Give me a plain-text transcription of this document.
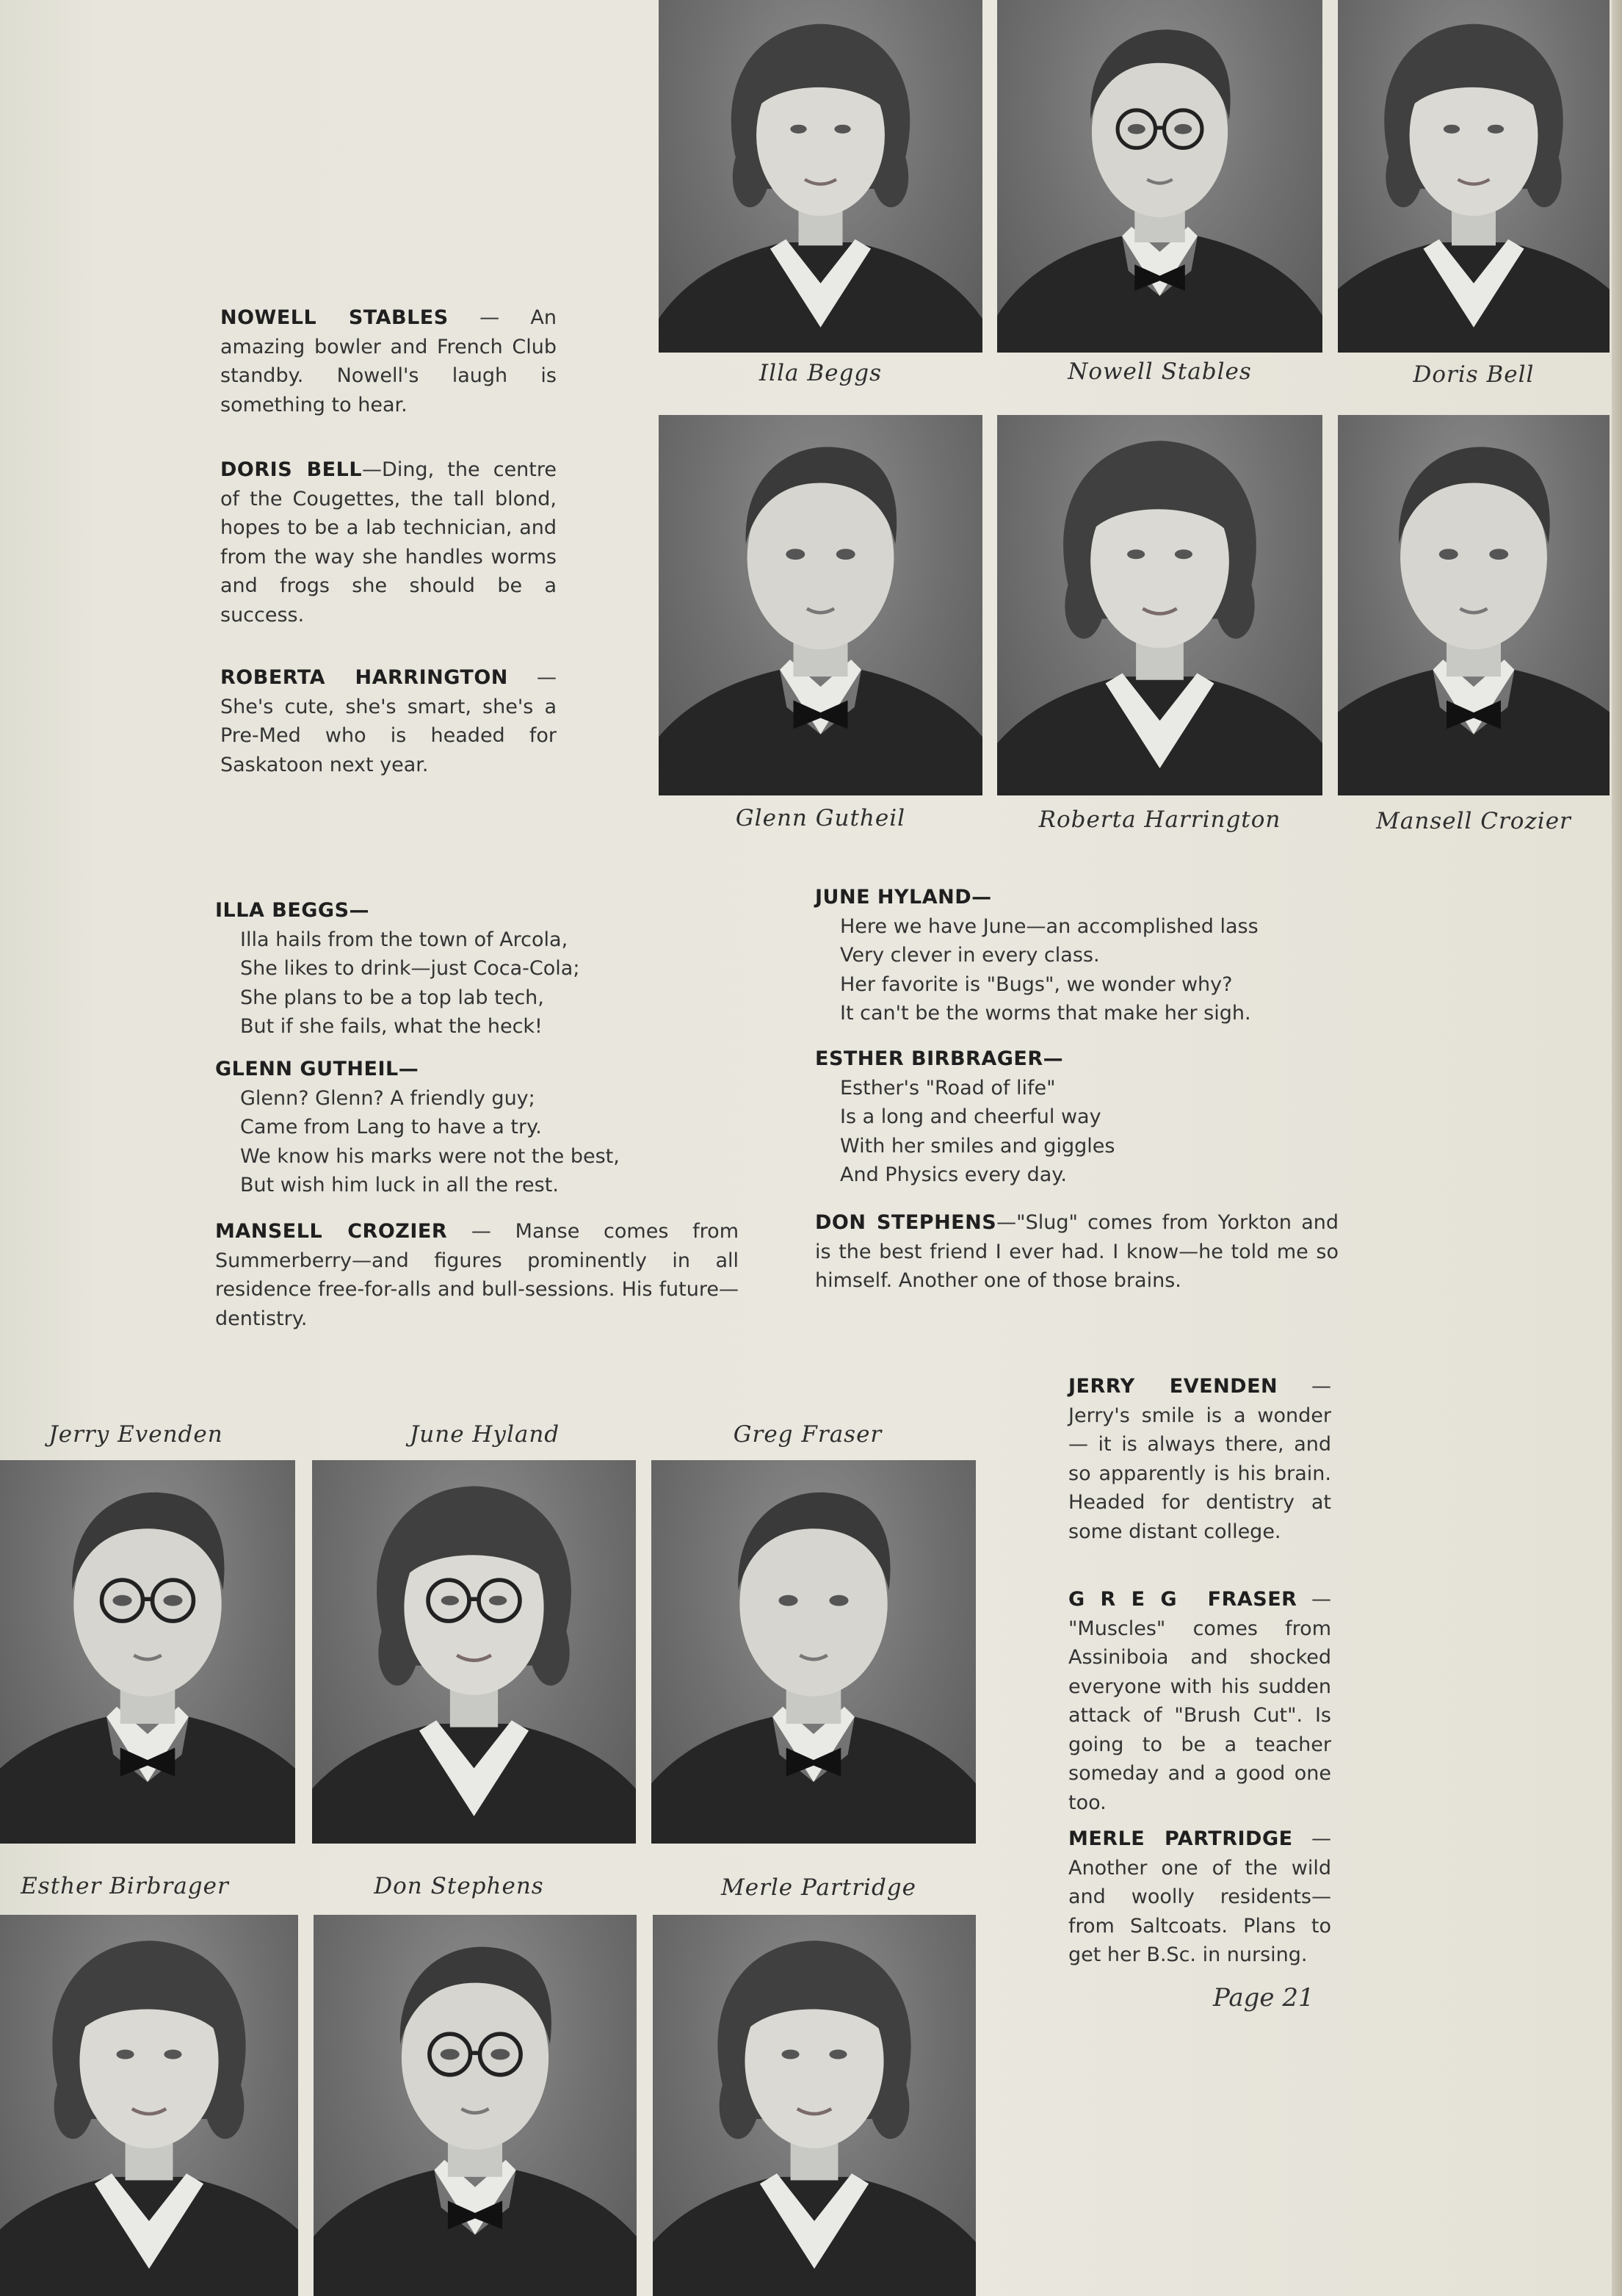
Illa Beggs	Nowell Stables	Doris Bell
Glenn Gutheil	Roberta Harrington	Mansell Crozier
NOWELL STABLES — An amazing bowler and French Club standby. Nowell's laugh is something to hear.
DORIS BELL—Ding, the centre of the Cougettes, the tall blond, hopes to be a lab technician, and from the way she handles worms and frogs she should be a success.
ROBERTA HARRINGTON — She's cute, she's smart, she's a Pre-Med who is headed for Saskatoon next year.
ILLA BEGGS—
Illa hails from the town of Arcola,
She likes to drink—just Coca-Cola;
She plans to be a top lab tech,
But if she fails, what the heck!
GLENN GUTHEIL—
Glenn? Glenn? A friendly guy;
Came from Lang to have a try.
We know his marks were not the best,
But wish him luck in all the rest.
MANSELL CROZIER — Manse comes from Summerberry—and figures prominently in all residence free-for-alls and bull-sessions. His future—dentistry.
JUNE HYLAND—
Here we have June—an accomplished lass
Very clever in every class.
Her favorite is "Bugs", we wonder why?
It can't be the worms that make her sigh.
ESTHER BIRBRAGER—
Esther's "Road of life"
Is a long and cheerful way
With her smiles and giggles
And Physics every day.
DON STEPHENS—"Slug" comes from Yorkton and is the best friend I ever had. I know—he told me so himself. Another one of those brains.
Jerry Evenden	June Hyland	Greg Fraser
Esther Birbrager	Don Stephens	Merle Partridge
JERRY EVENDEN — Jerry's smile is a wonder — it is always there, and so apparently is his brain. Headed for dentistry at some distant college.
G R E G  FRASER — "Muscles" comes from Assiniboia and shocked everyone with his sudden attack of "Brush Cut". Is going to be a teacher someday and a good one too.
MERLE PARTRIDGE — Another one of the wild and woolly residents—from Saltcoats. Plans to get her B.Sc. in nursing.
Page 21
